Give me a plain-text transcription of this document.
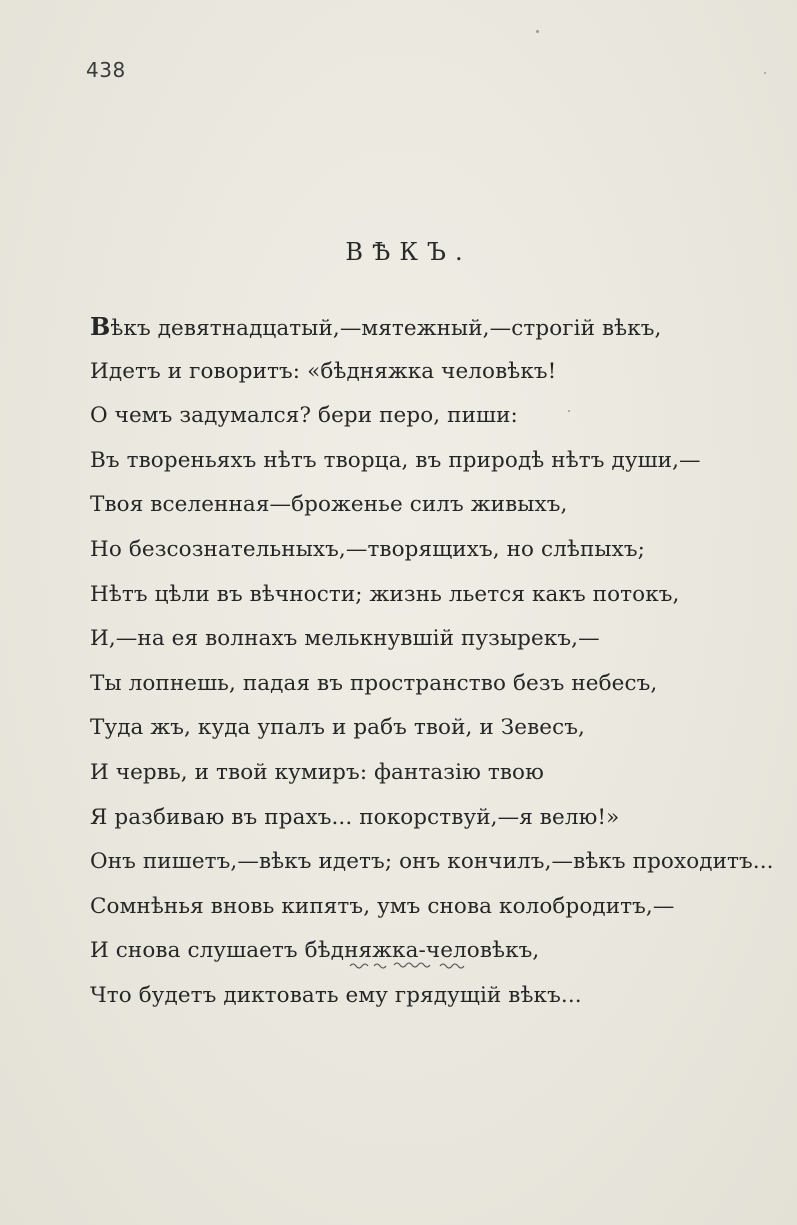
438
ВѢКЪ.
Вѣкъ девятнадцатый,—мятежный,—строгій вѣкъ,
Идетъ и говоритъ: «бѣдняжка человѣкъ!
О чемъ задумался? бери перо, пиши:
Въ твореньяхъ нѣтъ творца, въ природѣ нѣтъ души,—
Твоя вселенная—броженье силъ живыхъ,
Но безсознательныхъ,—творящихъ, но слѣпыхъ;
Нѣтъ цѣли въ вѣчности; жизнь льется какъ потокъ,
И,—на ея волнахъ мелькнувшій пузырекъ,—
Ты лопнешь, падая въ пространство безъ небесъ,
Туда жъ, куда упалъ и рабъ твой, и Зевесъ,
И червь, и твой кумиръ: фантазію твою
Я разбиваю въ прахъ... покорствуй,—я велю!»
Онъ пишетъ,—вѣкъ идетъ; онъ кончилъ,—вѣкъ проходитъ...
Сомнѣнья вновь кипятъ, умъ снова колобродитъ,—
И снова слушаетъ бѣдняжка-человѣкъ,
Что будетъ диктовать ему грядущій вѣкъ...
